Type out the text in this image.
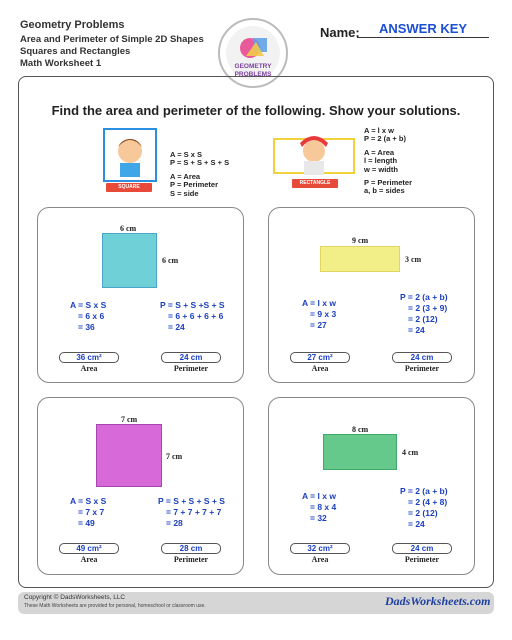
Geometry Problems
Area and Perimeter of Simple 2D Shapes
Squares and Rectangles
Math Worksheet 1	GEOMETRY
PROBLEMS
Name:	ANSWER KEY
Find the area and perimeter of the following. Show your solutions.
SQUARE
A = S x S
P = S + S + S + S
A = Area
P = Perimeter
S = side
RECTANGLE
A = l x w
P = 2 (a + b)
A = Area
l = length
w = width
P = Perimeter
a, b = sides
6 cm
6 cm
A = S x S
= 6 x 6
= 36
P = S + S +S + S
= 6 + 6 + 6 + 6
= 24
36 cm²	24 cm
Area	Perimeter
9 cm
3 cm
A = l x w
= 9 x 3
= 27
P = 2 (a + b)
= 2 (3 + 9)
= 2 (12)
= 24
27 cm²	24 cm
Area	Perimeter
7 cm
7 cm
A = S x S
= 7 x 7
= 49
P = S + S + S + S
= 7 + 7 + 7 + 7
= 28
49 cm²	28 cm
Area	Perimeter
8 cm
4 cm
A = l x w
= 8 x 4
= 32
P = 2 (a + b)
= 2 (4 + 8)
= 2 (12)
= 24
32 cm²	24 cm
Area	Perimeter
Copyright © DadsWorksheets, LLC
These Math Worksheets are provided for personal, homeschool or classroom use.	DadsWorksheets.com
